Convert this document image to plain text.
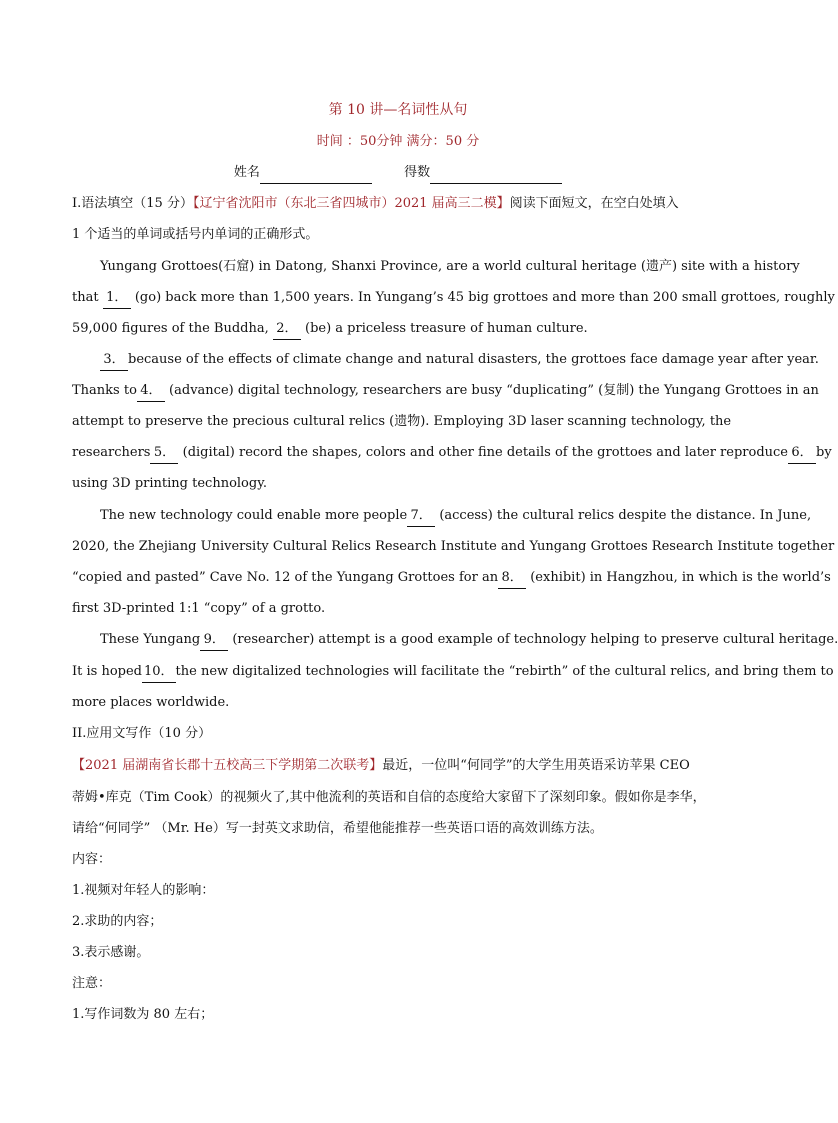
第 10 讲—名词性从句
时间 ：50分钟 满分：50 分
姓名	得数
I.语法填空（15 分）【辽宁省沈阳市（东北三省四城市）2021 届高三二模】阅读下面短文，在空白处填入
1 个适当的单词或括号内单词的正确形式。
Yungang Grottoes(石窟) in Datong, Shanxi Province, are a world cultural heritage (遗产) site with a history
that 1． (go) back more than 1,500 years. In Yungang’s 45 big grottoes and more than 200 small grottoes, roughly
59,000 figures of the Buddha, 2． (be) a priceless treasure of human culture.
3． because of the effects of climate change and natural disasters, the grottoes face damage year after year.
Thanks to 4． (advance) digital technology, researchers are busy “duplicating” (复制) the Yungang Grottoes in an
attempt to preserve the precious cultural relics (遗物). Employing 3D laser scanning technology, the
researchers 5． (digital) record the shapes, colors and other fine details of the grottoes and later reproduce 6． by
using 3D printing technology.
The new technology could enable more people 7． (access) the cultural relics despite the distance. In June,
2020, the Zhejiang University Cultural Relics Research Institute and Yungang Grottoes Research Institute together
“copied and pasted” Cave No. 12 of the Yungang Grottoes for an 8． (exhibit) in Hangzhou, in which is the world’s
first 3D-printed 1:1 “copy” of a grotto.
These Yungang 9． (researcher) attempt is a good example of technology helping to preserve cultural heritage.
It is hoped 10． the new digitalized technologies will facilitate the “rebirth” of the cultural relics, and bring them to
more places worldwide.
II.应用文写作（10 分）
【2021 届湖南省长郡十五校高三下学期第二次联考】最近，一位叫“何同学”的大学生用英语采访苹果 CEO
蒂姆•库克（Tim Cook）的视频火了,其中他流利的英语和自信的态度给大家留下了深刻印象。假如你是李华，
请给“何同学” （Mr. He）写一封英文求助信，希望他能推荐一些英语口语的高效训练方法。
内容：
1.视频对年轻人的影响：
2.求助的内容；
3.表示感谢。
注意：
1.写作词数为 80 左右；
